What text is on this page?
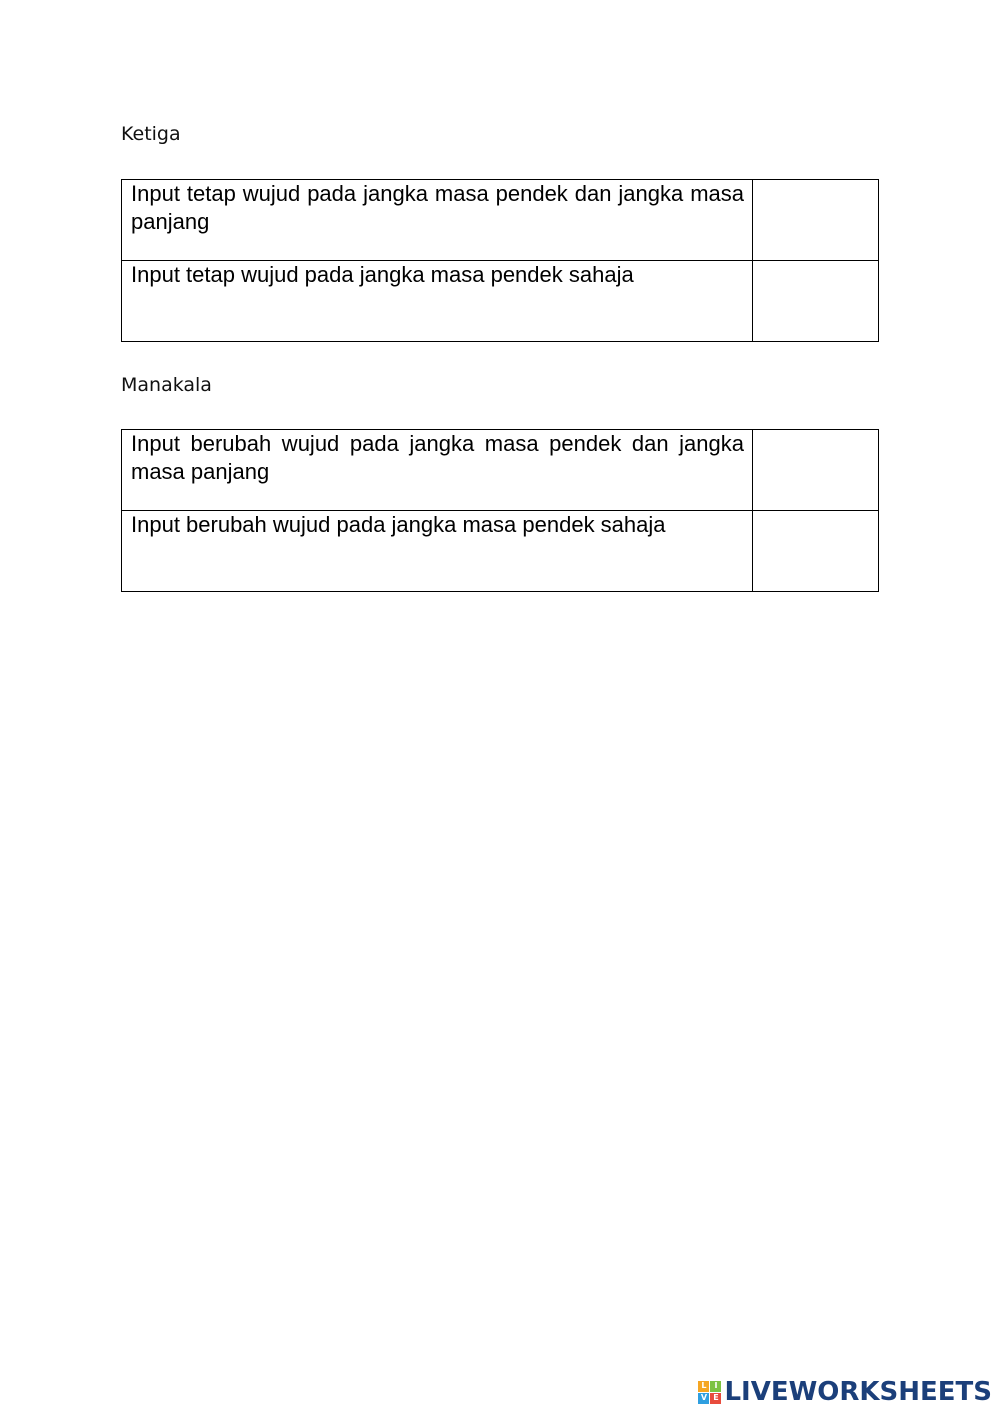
Ketiga
Input tetap wujud pada jangka masa pendek dan jangka masa panjang	

Input tetap wujud pada jangka masa pendek sahaja	

Manakala
Input berubah wujud pada jangka masa pendek dan jangka masa panjang	

Input berubah wujud pada jangka masa pendek sahaja	

L I
V E LIVEWORKSHEETS
